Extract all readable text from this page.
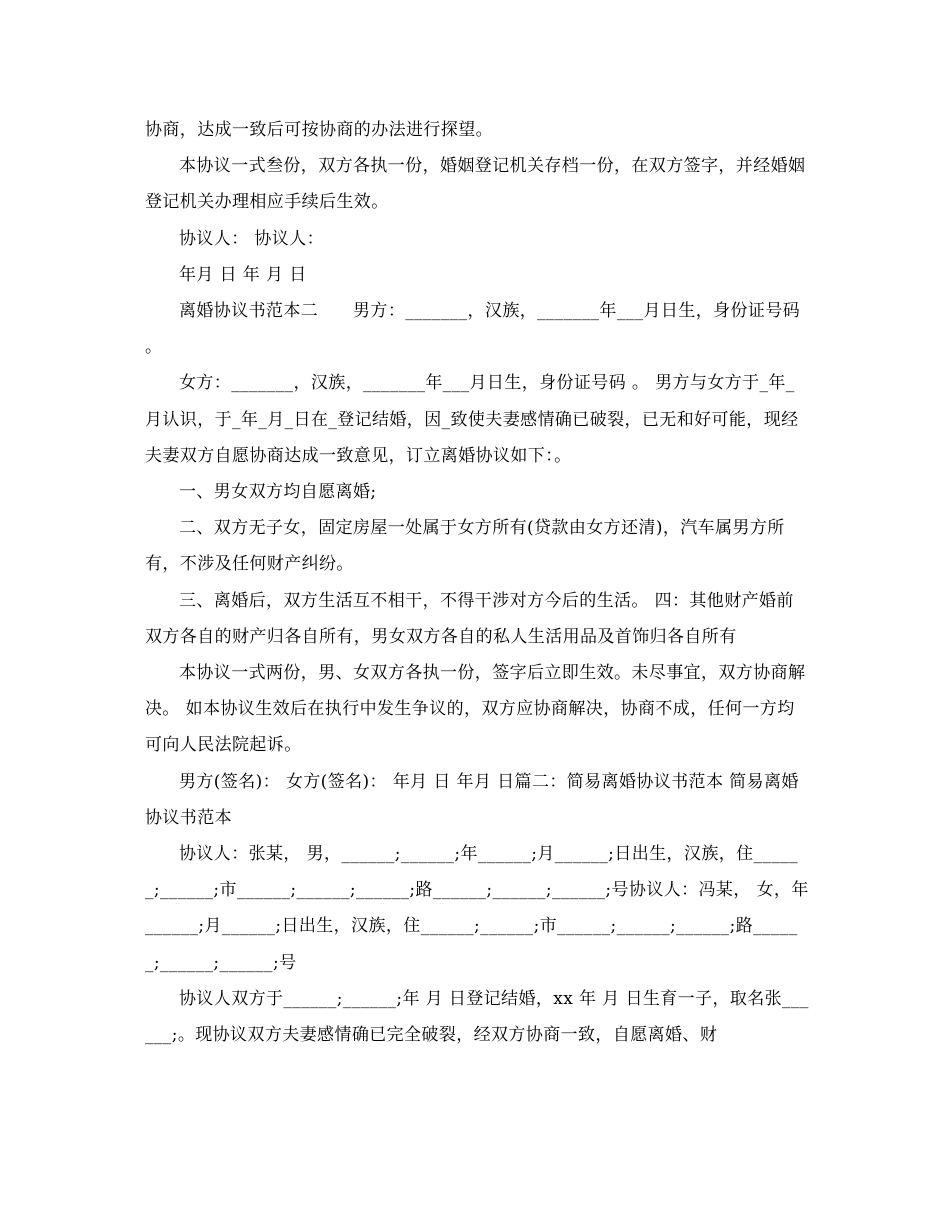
协商，达成一致后可按协商的办法进行探望。

本协议一式叁份，双方各执一份，婚姻登记机关存档一份，在双方签字，并经婚姻登记机关办理相应手续后生效。

协议人： 协议人：

年月 日 年 月 日

离婚协议书范本二      男方：_______，汉族，_______年___月日生，身份证号码 。

女方：_______，汉族，_______年___月日生，身份证号码 。 男方与女方于_年_月认识，于_年_月_日在_登记结婚，因_致使夫妻感情确已破裂，已无和好可能，现经夫妻双方自愿协商达成一致意见，订立离婚协议如下：。

一、男女双方均自愿离婚;

二、双方无子女，固定房屋一处属于女方所有(贷款由女方还清)，汽车属男方所有，不涉及任何财产纠纷。

三、离婚后，双方生活互不相干，不得干涉对方今后的生活。 四：其他财产婚前双方各自的财产归各自所有，男女双方各自的私人生活用品及首饰归各自所有

本协议一式两份，男、女双方各执一份，签字后立即生效。未尽事宜，双方协商解决。 如本协议生效后在执行中发生争议的，双方应协商解决，协商不成，任何一方均可向人民法院起诉。

男方(签名)： 女方(签名)： 年月 日 年月 日篇二：简易离婚协议书范本 简易离婚协议书范本

协议人：张某， 男，______;______;年______;月______;日出生，汉族，住______;______;市______;______;______;路______;______;______;号协议人：冯某， 女，年______;月______;日出生，汉族，住______;______;市______;______;______;路______;______;______;号

协议人双方于______;______;年 月 日登记结婚，xx 年 月 日生育一子，取名张______;。现协议双方夫妻感情确已完全破裂，经双方协商一致，自愿离婚、财
